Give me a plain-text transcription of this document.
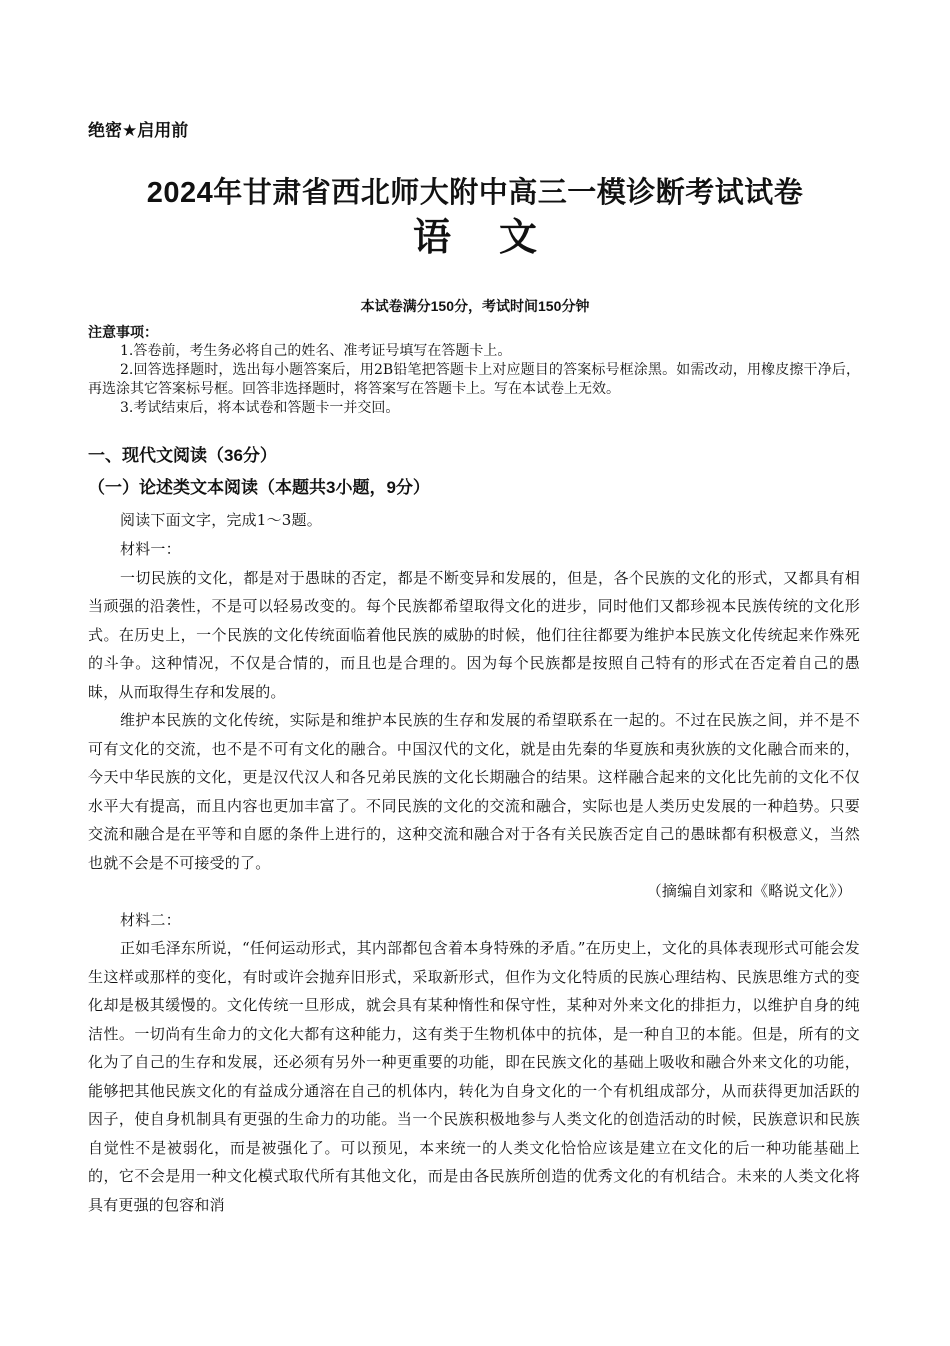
绝密★启用前
2024年甘肃省西北师大附中高三一模诊断考试试卷
语文
本试卷满分150分，考试时间150分钟
注意事项：
1.答卷前，考生务必将自己的姓名、准考证号填写在答题卡上。
2.回答选择题时，选出每小题答案后，用2B铅笔把答题卡上对应题目的答案标号框涂黑。如需改动，用橡皮擦干净后，再选涂其它答案标号框。回答非选择题时，将答案写在答题卡上。写在本试卷上无效。
3.考试结束后，将本试卷和答题卡一并交回。
一、现代文阅读（36分）
（一）论述类文本阅读（本题共3小题，9分）

阅读下面文字，完成1～3题。

材料一：

一切民族的文化，都是对于愚昧的否定，都是不断变异和发展的，但是，各个民族的文化的形式，又都具有相当顽强的沿袭性，不是可以轻易改变的。每个民族都希望取得文化的进步，同时他们又都珍视本民族传统的文化形式。在历史上，一个民族的文化传统面临着他民族的威胁的时候，他们往往都要为维护本民族文化传统起来作殊死的斗争。这种情况，不仅是合情的，而且也是合理的。因为每个民族都是按照自己特有的形式在否定着自己的愚昧，从而取得生存和发展的。

维护本民族的文化传统，实际是和维护本民族的生存和发展的希望联系在一起的。不过在民族之间，并不是不可有文化的交流，也不是不可有文化的融合。中国汉代的文化，就是由先秦的华夏族和夷狄族的文化融合而来的，今天中华民族的文化，更是汉代汉人和各兄弟民族的文化长期融合的结果。这样融合起来的文化比先前的文化不仅水平大有提高，而且内容也更加丰富了。不同民族的文化的交流和融合，实际也是人类历史发展的一种趋势。只要交流和融合是在平等和自愿的条件上进行的，这种交流和融合对于各有关民族否定自己的愚昧都有积极意义，当然也就不会是不可接受的了。

（摘编自刘家和《略说文化》）

材料二：

正如毛泽东所说，“任何运动形式，其内部都包含着本身特殊的矛盾。”在历史上，文化的具体表现形式可能会发生这样或那样的变化，有时或许会抛弃旧形式，采取新形式，但作为文化特质的民族心理结构、民族思维方式的变化却是极其缓慢的。文化传统一旦形成，就会具有某种惰性和保守性，某种对外来文化的排拒力，以维护自身的纯洁性。一切尚有生命力的文化大都有这种能力，这有类于生物机体中的抗体，是一种自卫的本能。但是，所有的文化为了自己的生存和发展，还必须有另外一种更重要的功能，即在民族文化的基础上吸收和融合外来文化的功能，能够把其他民族文化的有益成分通溶在自己的机体内，转化为自身文化的一个有机组成部分，从而获得更加活跃的因子，使自身机制具有更强的生命力的功能。当一个民族积极地参与人类文化的创造活动的时候，民族意识和民族自觉性不是被弱化，而是被强化了。可以预见，本来统一的人类文化恰恰应该是建立在文化的后一种功能基础上的，它不会是用一种文化模式取代所有其他文化，而是由各民族所创造的优秀文化的有机结合。未来的人类文化将具有更强的包容和消
